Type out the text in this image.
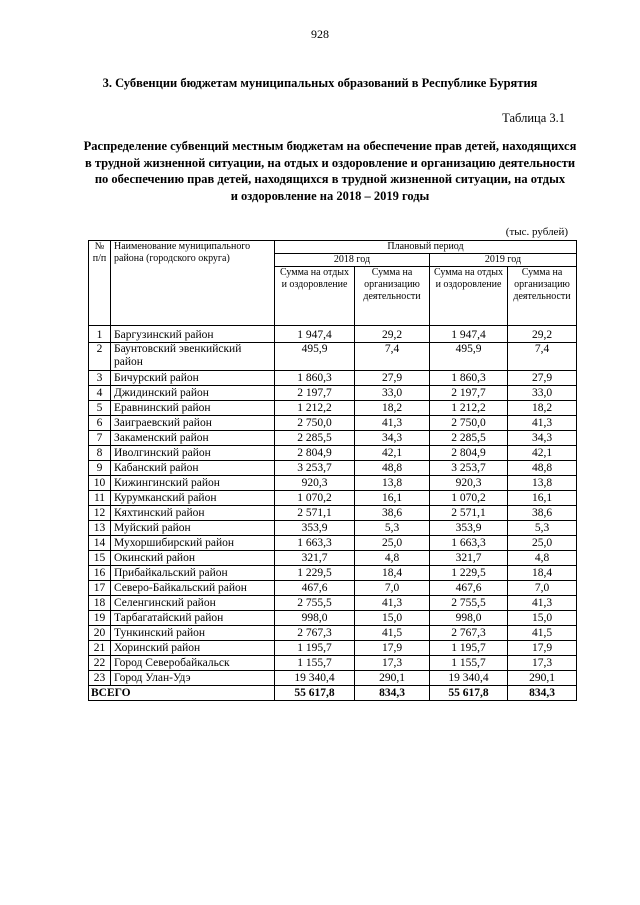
928
3. Субвенции бюджетам муниципальных образований в Республике Бурятия
Таблица 3.1
Распределение субвенций местным бюджетам на обеспечение прав детей, находящихся
в трудной жизненной ситуации, на отдых и оздоровление и организацию деятельности
по обеспечению прав детей, находящихся в трудной жизненной ситуации, на отдых
и оздоровление на 2018 – 2019 годы
(тыс. рублей)
№ п/п	Наименование муниципального района (городского округа)	Плановый период			
		2018 год		2019 год	
		Сумма на отдых и оздоровление	Сумма на организацию деятельности	Сумма на отдых и оздоровление	Сумма на организацию деятельности
1	Баргузинский район	1 947,4	29,2	1 947,4	29,2
2	Баунтовский эвенкийский район	495,9	7,4	495,9	7,4
3	Бичурский район	1 860,3	27,9	1 860,3	27,9
4	Джидинский район	2 197,7	33,0	2 197,7	33,0
5	Еравнинский район	1 212,2	18,2	1 212,2	18,2
6	Заиграевский район	2 750,0	41,3	2 750,0	41,3
7	Закаменский район	2 285,5	34,3	2 285,5	34,3
8	Иволгинский район	2 804,9	42,1	2 804,9	42,1
9	Кабанский район	3 253,7	48,8	3 253,7	48,8
10	Кижингинский район	920,3	13,8	920,3	13,8
11	Курумканский район	1 070,2	16,1	1 070,2	16,1
12	Кяхтинский район	2 571,1	38,6	2 571,1	38,6
13	Муйский район	353,9	5,3	353,9	5,3
14	Мухоршибирский район	1 663,3	25,0	1 663,3	25,0
15	Окинский район	321,7	4,8	321,7	4,8
16	Прибайкальский район	1 229,5	18,4	1 229,5	18,4
17	Северо-Байкальский район	467,6	7,0	467,6	7,0
18	Селенгинский район	2 755,5	41,3	2 755,5	41,3
19	Тарбагатайский район	998,0	15,0	998,0	15,0
20	Тункинский район	2 767,3	41,5	2 767,3	41,5
21	Хоринский район	1 195,7	17,9	1 195,7	17,9
22	Город Северобайкальск	1 155,7	17,3	1 155,7	17,3
23	Город Улан-Удэ	19 340,4	290,1	19 340,4	290,1
ВСЕГО		55 617,8	834,3	55 617,8	834,3
